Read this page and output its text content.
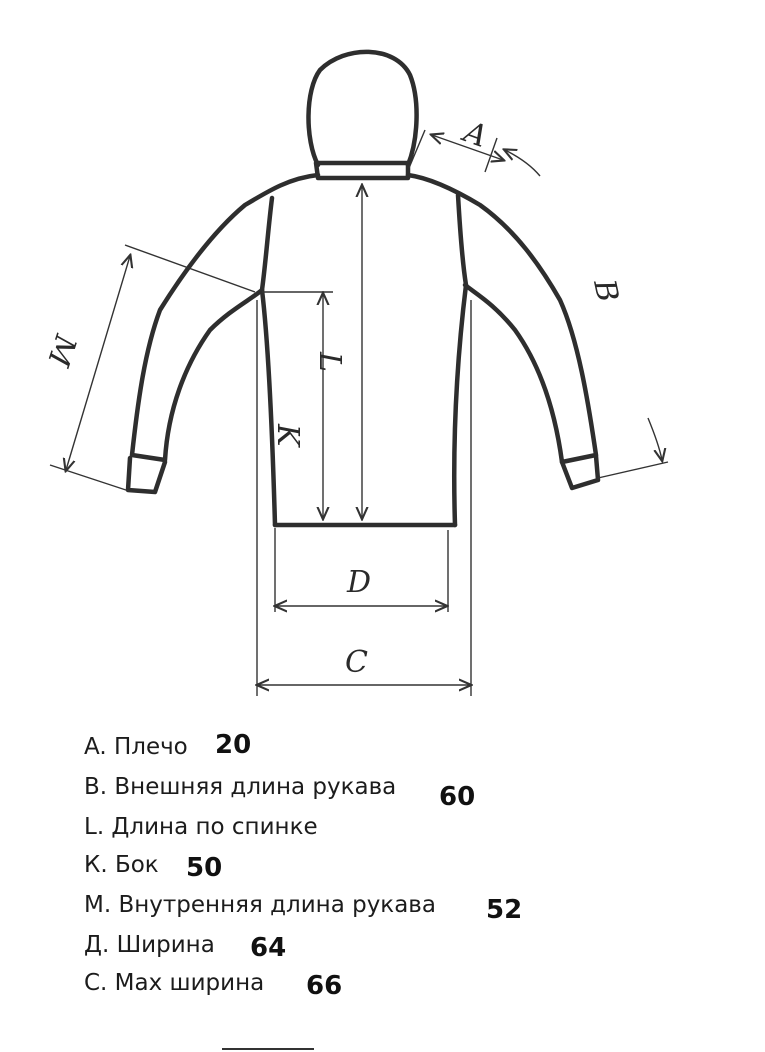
A
B
L
K
M
D
C
A. Плечо 20
B. Внешняя длина рукава 60
L. Длина по спинке
К. Бок 50
М. Внутренняя длина рукава 52
Д. Ширина 64
С. Мах ширина 66
